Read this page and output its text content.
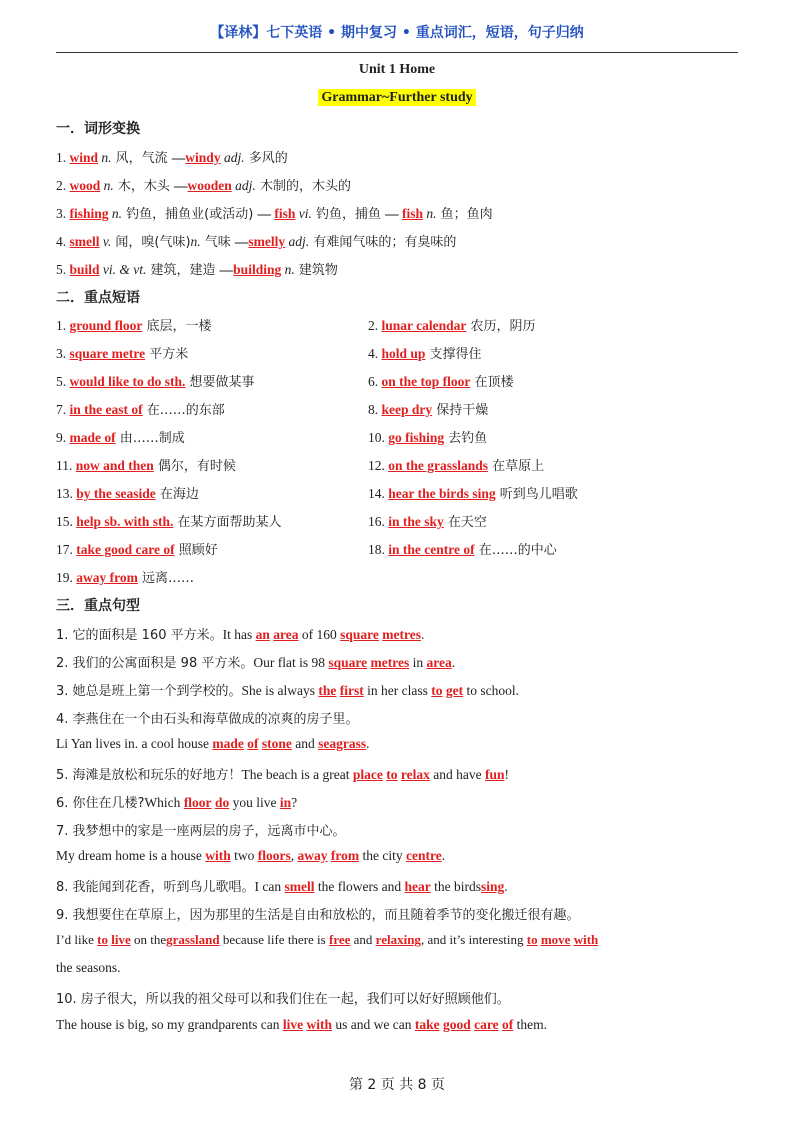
【译林】七下英语 • 期中复习 • 重点词汇，短语，句子归纳
Unit 1 Home
Grammar~Further study
一．词形变换
1. wind n. 风，气流 —windy adj. 多风的
2. wood n. 木，木头 —wooden adj. 木制的，木头的
3. fishing n. 钓鱼，捕鱼业(或活动) — fish vi. 钓鱼，捕鱼 — fish n. 鱼；鱼肉
4. smell v. 闻，嗅(气味)n. 气味 —smelly adj. 有难闻气味的；有臭味的
5. build vi. & vt. 建筑，建造 —building n. 建筑物
二．重点短语
1. ground floor 底层，一楼	2. lunar calendar 农历，阴历
3. square metre 平方米	4. hold up 支撑得住
5. would like to do sth. 想要做某事	6. on the top floor 在顶楼
7. in the east of 在……的东部	8. keep dry 保持干燥
9. made of 由……制成	10. go fishing 去钓鱼
11. now and then 偶尔，有时候	12. on the grasslands 在草原上
13. by the seaside 在海边	14. hear the birds sing 听到鸟儿唱歌
15. help sb. with sth. 在某方面帮助某人	16. in the sky 在天空
17. take good care of 照顾好	18. in the centre of 在……的中心
19. away from 远离……
三．重点句型
1. 它的面积是 160 平方米。It has an area of 160 square metres.
2. 我们的公寓面积是 98 平方米。Our flat is 98 square metres in area.
3. 她总是班上第一个到学校的。She is always the first in her class to get to school.
4. 李燕住在一个由石头和海草做成的凉爽的房子里。
Li Yan lives in. a cool house made of stone and seagrass.
5. 海滩是放松和玩乐的好地方！The beach is a great place to relax and have fun!
6. 你住在几楼?Which floor do you live in?
7. 我梦想中的家是一座两层的房子，远离市中心。
My dream home is a house with two floors, away from the city centre.
8. 我能闻到花香，听到鸟儿歌唱。I can smell the flowers and hear the birdssing.
9. 我想要住在草原上，因为那里的生活是自由和放松的，而且随着季节的变化搬迁很有趣。
I’d like to live on thegrassland because life there is free and relaxing, and it’s interesting to move with
the seasons.
10. 房子很大，所以我的祖父母可以和我们住在一起，我们可以好好照顾他们。
The house is big, so my grandparents can live with us and we can take good care of them.
第 2 页 共 8 页
